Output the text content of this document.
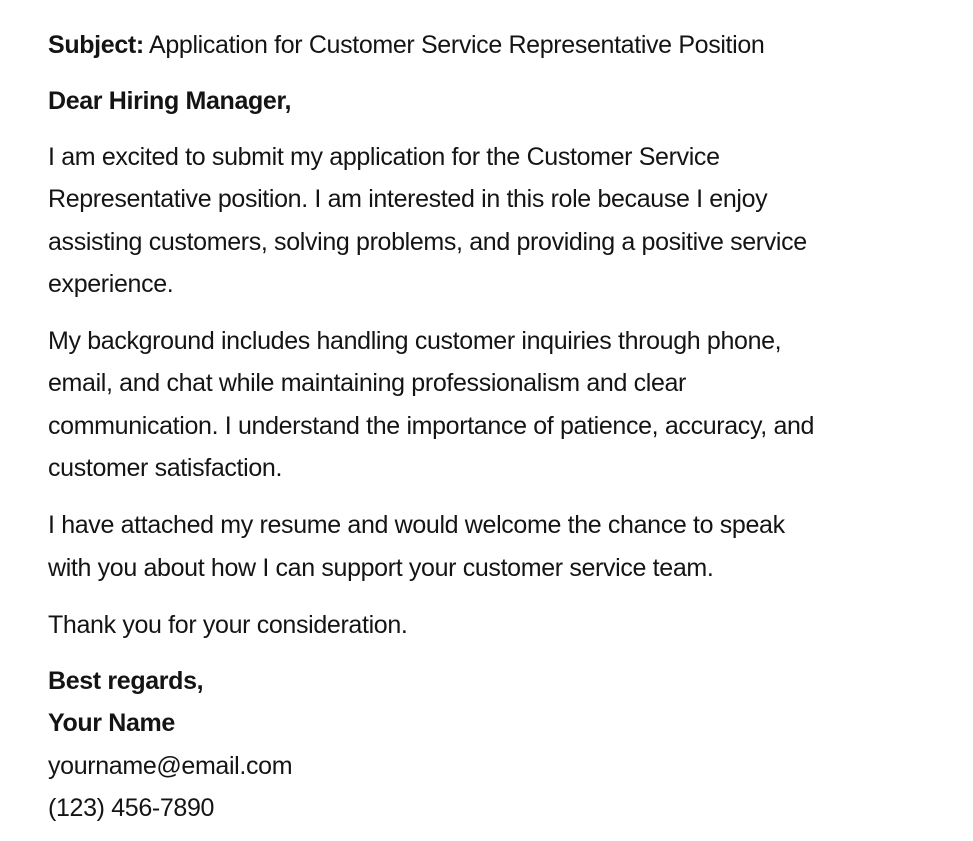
Subject: Application for Customer Service Representative Position
Dear Hiring Manager,
I am excited to submit my application for the Customer Service
Representative position. I am interested in this role because I enjoy
assisting customers, solving problems, and providing a positive service
experience.
My background includes handling customer inquiries through phone,
email, and chat while maintaining professionalism and clear
communication. I understand the importance of patience, accuracy, and
customer satisfaction.
I have attached my resume and would welcome the chance to speak
with you about how I can support your customer service team.
Thank you for your consideration.
Best regards,
Your Name
yourname@email.com
(123) 456-7890
